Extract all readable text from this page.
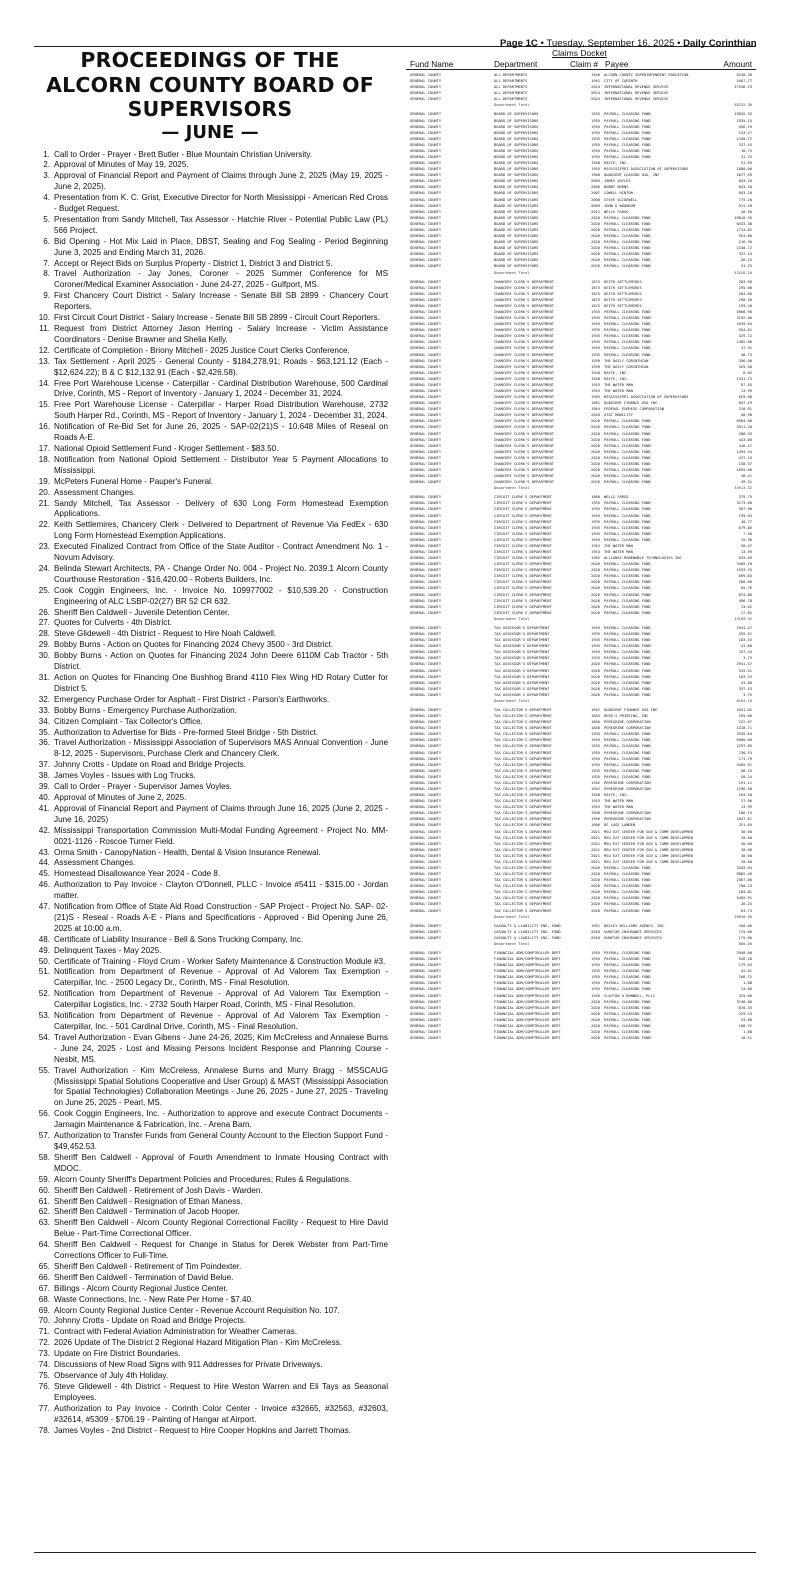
Page 1C • Tuesday, September 16, 2025 • Daily Corinthian
PROCEEDINGS OF THE ALCORN COUNTY BOARD OF SUPERVISORS
— JUNE —
1. Call to Order - Prayer - Brett Butler - Blue Mountain Christian University.
2. Approval of Minutes of May 19, 2025.
3. Approval of Financial Report and Payment of Claims through June 2, 2025 (May 19, 2025 - June 2, 2025).
4. Presentation from K. C. Grist, Executive Director for North Mississippi - American Red Cross - Budget Request.
5. Presentation from Sandy Mitchell, Tax Assessor - Hatchie River - Potential Public Law (PL) 566 Project.
6. Bid Opening - Hot Mix Laid in Place, DBST, Sealing and Fog Sealing - Period Beginning June 3, 2025 and Ending March 31, 2026.
7. Accept or Reject Bids on Surplus Property - District 1, District 3 and District 5.
8. Travel Authorization - Jay Jones, Coroner - 2025 Summer Conference for MS Coroner/Medical Examiner Association - June 24-27, 2025 - Gulfport, MS.
9. First Chancery Court District - Salary Increase - Senate Bill SB 2899 - Chancery Court Reporters.
10. First Circuit Court District - Salary Increase - Senate Bill SB 2899 - Circuit Court Reporters.
11. Request from District Attorney Jason Herring - Salary Increase - Victim Assistance Coordinators - Denise Brawner and Shelia Kelly.
12. Certificate of Completion - Briony Mitchell - 2025 Justice Court Clerks Conference.
13. Tax Settlement - April 2025 - General County - $184,278.91; Roads - $63,121.12 (Each - $12,624.22); B & C $12,132.91 (Each - $2,426.58).
14. Free Port Warehouse License - Caterpillar - Cardinal Distribution Warehouse, 500 Cardinal Drive, Corinth, MS - Report of Inventory - January 1, 2024 - December 31, 2024.
15. Free Port Warehouse License - Caterpillar - Harper Road Distribution Warehouse, 2732 South Harper Rd., Corinth, MS - Report of Inventory - January 1, 2024 - December 31, 2024.
16. Notification of Re-Bid Set for June 26, 2025 - SAP-02(21)S - 10.648 Miles of Reseal on Roads A-E.
17. National Opioid Settlement Fund - Kroger Settlement - $83.50.
18. Notification from National Opioid Settlement - Distributor Year 5 Payment Allocations to Mississippi.
19. McPeters Funeral Home - Pauper's Funeral.
20. Assessment Changes.
21. Sandy Mitchell, Tax Assessor - Delivery of 630 Long Form Homestead Exemption Applications.
22. Keith Settlemires, Chancery Clerk - Delivered to Department of Revenue Via FedEx - 630 Long Form Homestead Exemption Applications.
23. Executed Finalized Contract from Office of the State Auditor - Contract Amendment No. 1 - Novum Advisory.
24. Belinda Stewart Architects, PA - Change Order No. 004 - Project No. 2039.1 Alcorn County Courthouse Restoration - $16,420.00 - Roberts Builders, Inc.
25. Cook Coggin Engineers, Inc. - Invoice No. 109977002 - $10,539.20 - Construction Engineering of ALC LSBP-02(27) BR 52 CR 632.
26. Sheriff Ben Caldwell - Juvenile Detention Center.
27. Quotes for Culverts - 4th District.
28. Steve Glidewell - 4th District - Request to Hire Noah Caldwell.
29. Bobby Burns - Action on Quotes for Financing 2024 Chevy 3500 - 3rd District.
30. Bobby Burns - Action on Quotes for Financing 2024 John Deere 6110M Cab Tractor - 5th District.
31. Action on Quotes for Financing One Bushhog Brand 4110 Flex Wing HD Rotary Cutter for District 5.
32. Emergency Purchase Order for Asphalt - First District - Parson's Earthworks.
33. Bobby Burns - Emergency Purchase Authorization.
34. Citizen Complaint - Tax Collector's Office.
35. Authorization to Advertise for Bids - Pre-formed Steel Bridge - 5th District.
36. Travel Authorization - Mississippi Association of Supervisors MAS Annual Convention - June 8-12, 2025 - Supervisors, Purchase Clerk and Chancery Clerk.
37. Johnny Crotts - Update on Road and Bridge Projects.
38. James Voyles - Issues with Log Trucks.
39. Call to Order - Prayer - Supervisor James Voyles.
40. Approval of Minutes of June 2, 2025.
41. Approval of Financial Report and Payment of Claims through June 16, 2025 (June 2, 2025 - June 16, 2025)
42. Mississippi Transportation Commission Multi-Modal Funding Agreement - Project No. MM- 0021-1126 - Roscoe Turner Field.
43. Orma Smith - CanopyNation - Health, Dental & Vision Insurance Renewal.
44. Assessment Changes.
45. Homestead Disallowance Year 2024 - Code 8.
46. Authorization to Pay Invoice - Clayton O'Donnell, PLLC - Invoice #5411 - $315.00 - Jordan matter.
47. Notification from Office of State Aid Road Construction - SAP Project - Project No. SAP- 02- (21)S - Reseal - Roads A-E - Plans and Specifications - Approved - Bid Opening June 26, 2025 at 10:00 a.m.
48. Certificate of Liability Insurance - Bell & Sons Trucking Company, Inc.
49. Delinquent Taxes - May 2025.
50. Certificate of Training - Floyd Crum - Worker Safety Maintenance & Construction Module #3.
51. Notification from Department of Revenue - Approval of Ad Valorem Tax Exemption - Caterpillar, Inc. - 2500 Legacy Dr., Corinth, MS - Final Resolution.
52. Notification from Department of Revenue - Approval of Ad Valorem Tax Exemption - Caterpillar Logistics, Inc. - 2732 South Harper Road, Corinth, MS - Final Resolution.
53. Notification from Department of Revenue - Approval of Ad Valorem Tax Exemption - Caterpillar, Inc. - 501 Cardinal Drive, Corinth, MS - Final Resolution.
54. Travel Authorization - Evan Gibens - June 24-26, 2025; Kim McCreless and Annalese Burns - June 24, 2025 - Lost and Missing Persons Incident Response and Planning Course - Nesbit, MS.
55. Travel Authorization - Kim McCreless, Annalese Burns and Murry Bragg - MSSCAUG (Mississippi Spatial Solutions Cooperative and User Group) & MAST (Mississippi Association for Spatial Technologies) Collaboration Meetings - June 26, 2025 - June 27, 2025 - Traveling on June 25, 2025 - Pearl, MS.
56. Cook Coggin Engineers, Inc. - Authorization to approve and execute Contract Documents - Jarnagin Maintenance & Fabrication, Inc. - Arena Barn.
57. Authorization to Transfer Funds from General County Account to the Election Support Fund - $49,452.53.
58. Sheriff Ben Caldwell - Approval of Fourth Amendment to Inmate Housing Contract with MDOC.
59. Alcorn County Sheriff's Department Policies and Procedures; Rules & Regulations.
60. Sheriff Ben Caldwell - Retirement of Josh Davis - Warden.
61. Sheriff Ben Caldwell - Resignation of Ethan Maness.
62. Sheriff Ben Caldwell - Termination of Jacob Hooper.
63. Sheriff Ben Caldwell - Alcorn County Regional Correctional Facility - Request to Hire David Belue - Part-Time Correctional Officer.
64. Sheriff Ben Caldwell - Request for Change in Status for Derek Webster from Part-Time Corrections Officer to Full-Time.
65. Sheriff Ben Caldwell - Retirement of Tim Poindexter.
66. Sheriff Ben Caldwell - Termination of David Belue.
67. Billings - Alcorn County Regional Justice Center.
68. Waste Connections, Inc. - New Rate Per Home - $7.40.
69. Alcorn County Regional Justice Center - Revenue Account Requisition No. 107.
70. Johnny Crotts - Update on Road and Bridge Projects.
71. Contract with Federal Aviation Administration for Weather Cameras.
72. 2026 Update of The District 2 Regional Hazard Mitigation Plan - Kim McCreless.
73. Update on Fire District Boundaries.
74. Discussions of New Road Signs with 911 Addresses for Private Driveways.
75. Observance of July 4th Holiday.
76. Steve Glidewell - 4th District - Request to Hire Weston Warren and Eli Tays as Seasonal Employees.
77. Authorization to Pay Invoice - Corinth Color Center - Invoice #32665, #32563, #32603, #32614, #5309 - $706.19 - Painting of Hangar at Airport.
78. James Voyles - 2nd District - Request to Hire Cooper Hopkins and Jarrett Thomas.
Claims Docket
Fund Name	Department	Claim # Payee	Amount
GENERAL COUNTY	ALL DEPARTMENTS	1940 ALCORN COUNTY SUPERINTENDENT EDUCATION	5240.30
GENERAL COUNTY	ALL DEPARTMENTS	1941 CITY OF CORINTH	5467.77
GENERAL COUNTY	ALL DEPARTMENTS	2024 INTERNATIONAL REVENUE SERVICE	37536.19
GENERAL COUNTY	ALL DEPARTMENTS	2024 INTERNATIONAL REVENUE SERVICE
GENERAL COUNTY	ALL DEPARTMENTS	2024 INTERNATIONAL REVENUE SERVICE
Department Total	48232.30
GENERAL COUNTY	BOARD OF SUPERVISORS	1935 PAYROLL CLEARING FUND	19832.35
GENERAL COUNTY	BOARD OF SUPERVISORS	1935 PAYROLL CLEARING FUND	1935.15
GENERAL COUNTY	BOARD OF SUPERVISORS	1935 PAYROLL CLEARING FUND	456.19
GENERAL COUNTY	BOARD OF SUPERVISORS	1935 PAYROLL CLEARING FUND	153.47
GENERAL COUNTY	BOARD OF SUPERVISORS	1935 PAYROLL CLEARING FUND	1340.72
GENERAL COUNTY	BOARD OF SUPERVISORS	1935 PAYROLL CLEARING FUND	337.43
GENERAL COUNTY	BOARD OF SUPERVISORS	1935 PAYROLL CLEARING FUND	18.75
GENERAL COUNTY	BOARD OF SUPERVISORS	1935 PAYROLL CLEARING FUND	31.25
GENERAL COUNTY	BOARD OF SUPERVISORS	1948 RAYCE, INC.	51.95
GENERAL COUNTY	BOARD OF SUPERVISORS	1955 MISSISSIPPI ASSOCIATION OF SUPERVISORS	1800.00
GENERAL COUNTY	BOARD OF SUPERVISORS	1960 QUADIENT LEASING USA, INC	1877.49
GENERAL COUNTY	BOARD OF SUPERVISORS	2005 JAMES VOYLES	843.20
GENERAL COUNTY	BOARD OF SUPERVISORS	2006 BOBBY BURNS	843.20
GENERAL COUNTY	BOARD OF SUPERVISORS	2007 LOWELL HINTON	843.20
GENERAL COUNTY	BOARD OF SUPERVISORS	2008 STEVE GLIDEWELL	775.20
GENERAL COUNTY	BOARD OF SUPERVISORS	2009 JOHN D WOODRUM	911.20
GENERAL COUNTY	BOARD OF SUPERVISORS	2012 WELLS FARGO	16.50
GENERAL COUNTY	BOARD OF SUPERVISORS	2026 PAYROLL CLEARING FUND	19810.35
GENERAL COUNTY	BOARD OF SUPERVISORS	2026 PAYROLL CLEARING FUND	8333.38
GENERAL COUNTY	BOARD OF SUPERVISORS	2026 PAYROLL CLEARING FUND	1714.82
GENERAL COUNTY	BOARD OF SUPERVISORS	2026 PAYROLL CLEARING FUND	924.86
GENERAL COUNTY	BOARD OF SUPERVISORS	2026 PAYROLL CLEARING FUND	216.30
GENERAL COUNTY	BOARD OF SUPERVISORS	2026 PAYROLL CLEARING FUND	1340.72
GENERAL COUNTY	BOARD OF SUPERVISORS	2026 PAYROLL CLEARING FUND	337.43
GENERAL COUNTY	BOARD OF SUPERVISORS	2026 PAYROLL CLEARING FUND	26.25
GENERAL COUNTY	BOARD OF SUPERVISORS	2026 PAYROLL CLEARING FUND	31.25
Department Total	41628.20
GENERAL COUNTY	CHANCERY CLERK'S DEPARTMENT	1875 KEITH SETTLEMIRES	283.50
GENERAL COUNTY	CHANCERY CLERK'S DEPARTMENT	1875 KEITH SETTLEMIRES	295.00
GENERAL COUNTY	CHANCERY CLERK'S DEPARTMENT	1875 KEITH SETTLEMIRES	284.00
GENERAL COUNTY	CHANCERY CLERK'S DEPARTMENT	1875 KEITH SETTLEMIRES	290.50
GENERAL COUNTY	CHANCERY CLERK'S DEPARTMENT	1875 KEITH SETTLEMIRES	193.20
GENERAL COUNTY	CHANCERY CLERK'S DEPARTMENT	1935 PAYROLL CLEARING FUND	5968.90
GENERAL COUNTY	CHANCERY CLERK'S DEPARTMENT	1935 PAYROLL CLEARING FUND	3192.00
GENERAL COUNTY	CHANCERY CLERK'S DEPARTMENT	1935 PAYROLL CLEARING FUND	1639.64
GENERAL COUNTY	CHANCERY CLERK'S DEPARTMENT	1935 PAYROLL CLEARING FUND	554.61
GENERAL COUNTY	CHANCERY CLERK'S DEPARTMENT	1935 PAYROLL CLEARING FUND	329.72
GENERAL COUNTY	CHANCERY CLERK'S DEPARTMENT	1935 PAYROLL CLEARING FUND	1482.00
GENERAL COUNTY	CHANCERY CLERK'S DEPARTMENT	1935 PAYROLL CLEARING FUND	17.92
GENERAL COUNTY	CHANCERY CLERK'S DEPARTMENT	1935 PAYROLL CLEARING FUND	48.73
GENERAL COUNTY	CHANCERY CLERK'S DEPARTMENT	1939 THE DAILY CORINTHIAN	356.00
GENERAL COUNTY	CHANCERY CLERK'S DEPARTMENT	1939 THE DAILY CORINTHIAN	525.50
GENERAL COUNTY	CHANCERY CLERK'S DEPARTMENT	1948 RAYCE, INC.	8.05
GENERAL COUNTY	CHANCERY CLERK'S DEPARTMENT	1948 RAYCE, INC.	1331.73
GENERAL COUNTY	CHANCERY CLERK'S DEPARTMENT	1953 THE WATER MAN	87.45
GENERAL COUNTY	CHANCERY CLERK'S DEPARTMENT	1953 THE WATER MAN	13.99
GENERAL COUNTY	CHANCERY CLERK'S DEPARTMENT	1955 MISSISSIPPI ASSOCIATION OF SUPERVISORS	625.00
GENERAL COUNTY	CHANCERY CLERK'S DEPARTMENT	1961 QUADIENT FINANCE USA INC	847.19
GENERAL COUNTY	CHANCERY CLERK'S DEPARTMENT	1964 FEDERAL EXPRESS CORPORATION	310.91
GENERAL COUNTY	CHANCERY CLERK'S DEPARTMENT	2020 AT&T MOBILITY	40.90
GENERAL COUNTY	CHANCERY CLERK'S DEPARTMENT	2026 PAYROLL CLEARING FUND	6564.00
GENERAL COUNTY	CHANCERY CLERK'S DEPARTMENT	2026 PAYROLL CLEARING FUND	3511.20
GENERAL COUNTY	CHANCERY CLERK'S DEPARTMENT	2026 PAYROLL CLEARING FUND	288.33
GENERAL COUNTY	CHANCERY CLERK'S DEPARTMENT	2026 PAYROLL CLEARING FUND	443.06
GENERAL COUNTY	CHANCERY CLERK'S DEPARTMENT	2026 PAYROLL CLEARING FUND	416.47
GENERAL COUNTY	CHANCERY CLERK'S DEPARTMENT	2026 PAYROLL CLEARING FUND	1494.54
GENERAL COUNTY	CHANCERY CLERK'S DEPARTMENT	2026 PAYROLL CLEARING FUND	477.15
GENERAL COUNTY	CHANCERY CLERK'S DEPARTMENT	2026 PAYROLL CLEARING FUND	158.37
GENERAL COUNTY	CHANCERY CLERK'S DEPARTMENT	2026 PAYROLL CLEARING FUND	1655.08
GENERAL COUNTY	CHANCERY CLERK'S DEPARTMENT	2026 PAYROLL CLEARING FUND	18.41
GENERAL COUNTY	CHANCERY CLERK'S DEPARTMENT	2026 PAYROLL CLEARING FUND	49.31
Department Total	33913.52
GENERAL COUNTY	CIRCUIT CLERK'S DEPARTMENT	1868 WELLS FARGO	379.79
GENERAL COUNTY	CIRCUIT CLERK'S DEPARTMENT	1935 PAYROLL CLEARING FUND	3173.00
GENERAL COUNTY	CIRCUIT CLERK'S DEPARTMENT	1935 PAYROLL CLEARING FUND	567.90
GENERAL COUNTY	CIRCUIT CLERK'S DEPARTMENT	1935 PAYROLL CLEARING FUND	193.03
GENERAL COUNTY	CIRCUIT CLERK'S DEPARTMENT	1935 PAYROLL CLEARING FUND	40.77
GENERAL COUNTY	CIRCUIT CLERK'S DEPARTMENT	1935 PAYROLL CLEARING FUND	679.86
GENERAL COUNTY	CIRCUIT CLERK'S DEPARTMENT	1935 PAYROLL CLEARING FUND	7.50
GENERAL COUNTY	CIRCUIT CLERK'S DEPARTMENT	1935 PAYROLL CLEARING FUND	15.36
GENERAL COUNTY	CIRCUIT CLERK'S DEPARTMENT	1953 THE WATER MAN	28.47
GENERAL COUNTY	CIRCUIT CLERK'S DEPARTMENT	1953 THE WATER MAN	13.99
GENERAL COUNTY	CIRCUIT CLERK'S DEPARTMENT	1962 ALLIANCE RENEWABLE TECHNOLOGIES INC	633.09
GENERAL COUNTY	CIRCUIT CLERK'S DEPARTMENT	2026 PAYROLL CLEARING FUND	3409.10
GENERAL COUNTY	CIRCUIT CLERK'S DEPARTMENT	2026 PAYROLL CLEARING FUND	1533.33
GENERAL COUNTY	CIRCUIT CLERK'S DEPARTMENT	2026 PAYROLL CLEARING FUND	899.83
GENERAL COUNTY	CIRCUIT CLERK'S DEPARTMENT	2026 PAYROLL CLEARING FUND	280.90
GENERAL COUNTY	CIRCUIT CLERK'S DEPARTMENT	2026 PAYROLL CLEARING FUND	65.76
GENERAL COUNTY	CIRCUIT CLERK'S DEPARTMENT	2026 PAYROLL CLEARING FUND	674.86
GENERAL COUNTY	CIRCUIT CLERK'S DEPARTMENT	2026 PAYROLL CLEARING FUND	496.78
GENERAL COUNTY	CIRCUIT CLERK'S DEPARTMENT	2026 PAYROLL CLEARING FUND	13.02
GENERAL COUNTY	CIRCUIT CLERK'S DEPARTMENT	2026 PAYROLL CLEARING FUND	17.82
Department Total	13109.32
GENERAL COUNTY	TAX ASSESSOR'S DEPARTMENT	1935 PAYROLL CLEARING FUND	2941.47
GENERAL COUNTY	TAX ASSESSOR'S DEPARTMENT	1935 PAYROLL CLEARING FUND	535.51
GENERAL COUNTY	TAX ASSESSOR'S DEPARTMENT	1935 PAYROLL CLEARING FUND	183.33
GENERAL COUNTY	TAX ASSESSOR'S DEPARTMENT	1935 PAYROLL CLEARING FUND	41.80
GENERAL COUNTY	TAX ASSESSOR'S DEPARTMENT	1935 PAYROLL CLEARING FUND	337.43
GENERAL COUNTY	TAX ASSESSOR'S DEPARTMENT	1935 PAYROLL CLEARING FUND	3.75
GENERAL COUNTY	TAX ASSESSOR'S DEPARTMENT	2026 PAYROLL CLEARING FUND	2941.47
GENERAL COUNTY	TAX ASSESSOR'S DEPARTMENT	2026 PAYROLL CLEARING FUND	535.51
GENERAL COUNTY	TAX ASSESSOR'S DEPARTMENT	2026 PAYROLL CLEARING FUND	183.33
GENERAL COUNTY	TAX ASSESSOR'S DEPARTMENT	2026 PAYROLL CLEARING FUND	41.80
GENERAL COUNTY	TAX ASSESSOR'S DEPARTMENT	2026 PAYROLL CLEARING FUND	337.43
GENERAL COUNTY	TAX ASSESSOR'S DEPARTMENT	2026 PAYROLL CLEARING FUND	3.75
Department Total	8104.18
GENERAL COUNTY	TAX COLLECTOR'S DEPARTMENT	1652 QUADIENT FINANCE USA INC	1041.02
GENERAL COUNTY	TAX COLLECTOR'S DEPARTMENT	1855 REED'S PRINTING, INC	295.00
GENERAL COUNTY	TAX COLLECTOR'S DEPARTMENT	1856 PEREGRINE CORPORATION	222.07
GENERAL COUNTY	TAX COLLECTOR'S DEPARTMENT	1856 PEREGRINE CORPORATION	1318.71
GENERAL COUNTY	TAX COLLECTOR'S DEPARTMENT	1935 PAYROLL CLEARING FUND	3345.84
GENERAL COUNTY	TAX COLLECTOR'S DEPARTMENT	1935 PAYROLL CLEARING FUND	6900.00
GENERAL COUNTY	TAX COLLECTOR'S DEPARTMENT	1935 PAYROLL CLEARING FUND	2297.05
GENERAL COUNTY	TAX COLLECTOR'S DEPARTMENT	1935 PAYROLL CLEARING FUND	730.53
GENERAL COUNTY	TAX COLLECTOR'S DEPARTMENT	1935 PAYROLL CLEARING FUND	171.79
GENERAL COUNTY	TAX COLLECTOR'S DEPARTMENT	1935 PAYROLL CLEARING FUND	5462.91
GENERAL COUNTY	TAX COLLECTOR'S DEPARTMENT	1935 PAYROLL CLEARING FUND	26.25
GENERAL COUNTY	TAX COLLECTOR'S DEPARTMENT	1935 PAYROLL CLEARING FUND	50.24
GENERAL COUNTY	TAX COLLECTOR'S DEPARTMENT	1942 PEREGRINE CORPORATION	191.11
GENERAL COUNTY	TAX COLLECTOR'S DEPARTMENT	1942 PEREGRINE CORPORATION	1296.58
GENERAL COUNTY	TAX COLLECTOR'S DEPARTMENT	1948 RAYCE, INC.	104.50
GENERAL COUNTY	TAX COLLECTOR'S DEPARTMENT	1953 THE WATER MAN	37.96
GENERAL COUNTY	TAX COLLECTOR'S DEPARTMENT	1953 THE WATER MAN	13.99
GENERAL COUNTY	TAX COLLECTOR'S DEPARTMENT	1956 PEREGRINE CORPORATION	186.15
GENERAL COUNTY	TAX COLLECTOR'S DEPARTMENT	1956 PEREGRINE CORPORATION	1047.61
GENERAL COUNTY	TAX COLLECTOR'S DEPARTMENT	1966 DE LAGE LANDEN	321.65
GENERAL COUNTY	TAX COLLECTOR'S DEPARTMENT	2021 MSU EXT CENTER FOR GOV & COMM DEVELOPMEN	30.00
GENERAL COUNTY	TAX COLLECTOR'S DEPARTMENT	2021 MSU EXT CENTER FOR GOV & COMM DEVELOPMEN	30.00
GENERAL COUNTY	TAX COLLECTOR'S DEPARTMENT	2021 MSU EXT CENTER FOR GOV & COMM DEVELOPMEN	30.00
GENERAL COUNTY	TAX COLLECTOR'S DEPARTMENT	2021 MSU EXT CENTER FOR GOV & COMM DEVELOPMEN	30.00
GENERAL COUNTY	TAX COLLECTOR'S DEPARTMENT	2021 MSU EXT CENTER FOR GOV & COMM DEVELOPMEN	30.00
GENERAL COUNTY	TAX COLLECTOR'S DEPARTMENT	2021 MSU EXT CENTER FOR GOV & COMM DEVELOPMEN	30.00
GENERAL COUNTY	TAX COLLECTOR'S DEPARTMENT	2026 PAYROLL CLEARING FUND	3345.84
GENERAL COUNTY	TAX COLLECTOR'S DEPARTMENT	2026 PAYROLL CLEARING FUND	9882.40
GENERAL COUNTY	TAX COLLECTOR'S DEPARTMENT	2026 PAYROLL CLEARING FUND	2367.06
GENERAL COUNTY	TAX COLLECTOR'S DEPARTMENT	2026 PAYROLL CLEARING FUND	790.23
GENERAL COUNTY	TAX COLLECTOR'S DEPARTMENT	2026 PAYROLL CLEARING FUND	184.81
GENERAL COUNTY	TAX COLLECTOR'S DEPARTMENT	2026 PAYROLL CLEARING FUND	5462.91
GENERAL COUNTY	TAX COLLECTOR'S DEPARTMENT	2026 PAYROLL CLEARING FUND	26.25
GENERAL COUNTY	TAX COLLECTOR'S DEPARTMENT	2026 PAYROLL CLEARING FUND	63.73
Department Total	39650.90
GENERAL COUNTY	CASUALTY & LIABILITY INS. FUND	1951 BAILEY WILLIAMS AGENCY, INC.	450.00
GENERAL COUNTY	CASUALTY & LIABILITY INS. FUND	2018 SUNSTAR INSURANCE SERVICES	175.00
GENERAL COUNTY	CASUALTY & LIABILITY INS. FUND	2018 SUNSTAR INSURANCE SERVICES	175.00
Department Total	800.00
GENERAL COUNTY	FINANCIAL ADM/COMPTROLLER DEPT	1935 PAYROLL CLEARING FUND	2940.00
GENERAL COUNTY	FINANCIAL ADM/COMPTROLLER DEPT	1935 PAYROLL CLEARING FUND	526.20
GENERAL COUNTY	FINANCIAL ADM/COMPTROLLER DEPT	1935 PAYROLL CLEARING FUND	179.63
GENERAL COUNTY	FINANCIAL ADM/COMPTROLLER DEPT	1935 PAYROLL CLEARING FUND	42.01
GENERAL COUNTY	FINANCIAL ADM/COMPTROLLER DEPT	1935 PAYROLL CLEARING FUND	168.72
GENERAL COUNTY	FINANCIAL ADM/COMPTROLLER DEPT	1935 PAYROLL CLEARING FUND	1.88
GENERAL COUNTY	FINANCIAL ADM/COMPTROLLER DEPT	1935 PAYROLL CLEARING FUND	14.06
GENERAL COUNTY	FINANCIAL ADM/COMPTROLLER DEPT	1946 CLAYTON O'DONNELL, PLLC	315.00
GENERAL COUNTY	FINANCIAL ADM/COMPTROLLER DEPT	2026 PAYROLL CLEARING FUND	3746.00
GENERAL COUNTY	FINANCIAL ADM/COMPTROLLER DEPT	2026 PAYROLL CLEARING FUND	670.35
GENERAL COUNTY	FINANCIAL ADM/COMPTROLLER DEPT	2026 PAYROLL CLEARING FUND	229.53
GENERAL COUNTY	FINANCIAL ADM/COMPTROLLER DEPT	2026 PAYROLL CLEARING FUND	53.68
GENERAL COUNTY	FINANCIAL ADM/COMPTROLLER DEPT	2026 PAYROLL CLEARING FUND	168.72
GENERAL COUNTY	FINANCIAL ADM/COMPTROLLER DEPT	2026 PAYROLL CLEARING FUND	1.88
GENERAL COUNTY	FINANCIAL ADM/COMPTROLLER DEPT	2026 PAYROLL CLEARING FUND	18.51
